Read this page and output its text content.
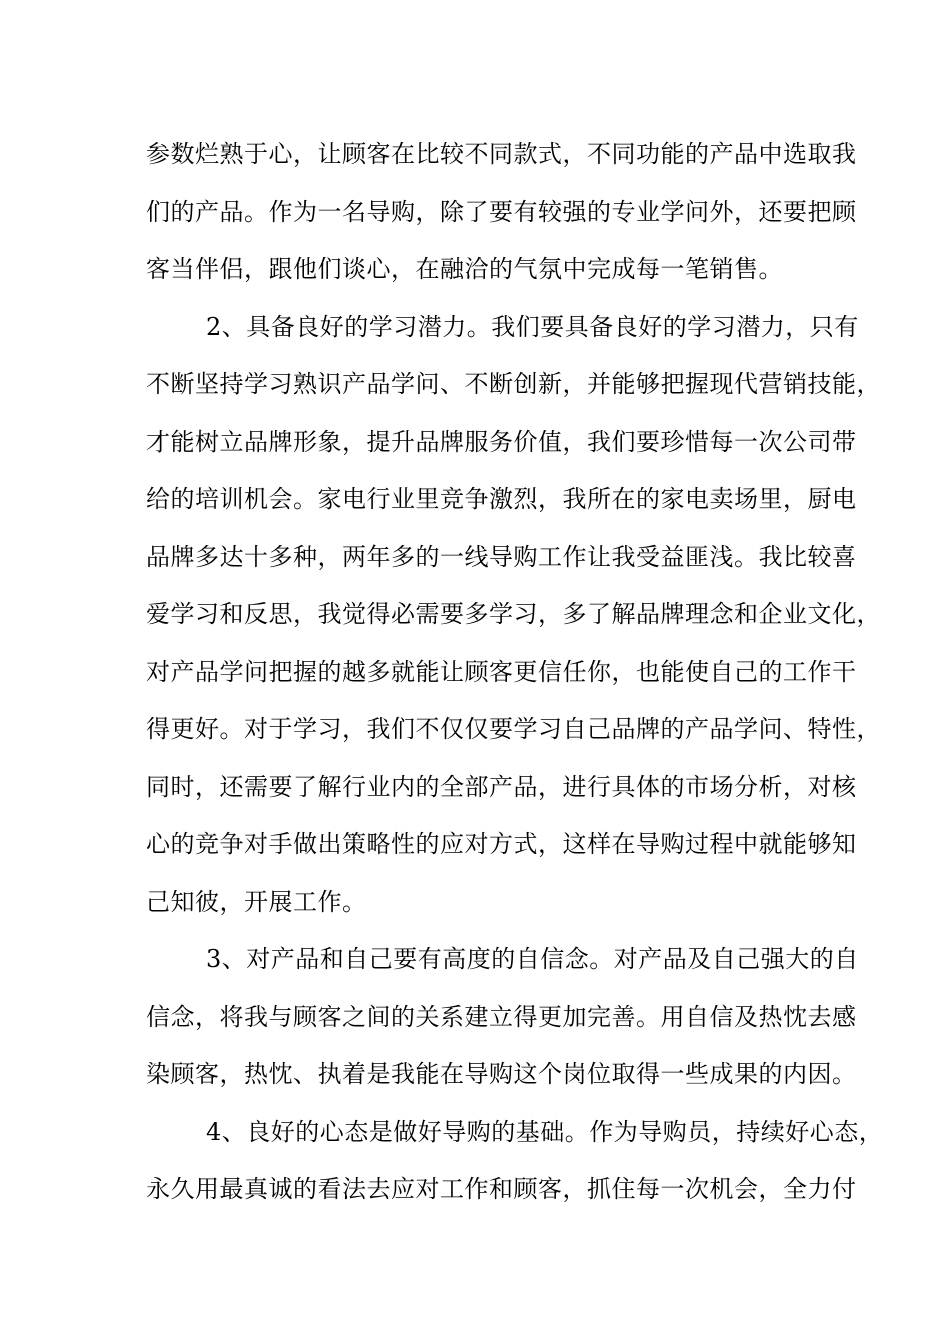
参数烂熟于心，让顾客在比较不同款式，不同功能的产品中选取我
们的产品。作为一名导购，除了要有较强的专业学问外，还要把顾
客当伴侣，跟他们谈心，在融洽的气氛中完成每一笔销售。
2、具备良好的学习潜力。我们要具备良好的学习潜力，只有
不断坚持学习熟识产品学问、不断创新，并能够把握现代营销技能，
才能树立品牌形象，提升品牌服务价值，我们要珍惜每一次公司带
给的培训机会。家电行业里竞争激烈，我所在的家电卖场里，厨电
品牌多达十多种，两年多的一线导购工作让我受益匪浅。我比较喜
爱学习和反思，我觉得必需要多学习，多了解品牌理念和企业文化，
对产品学问把握的越多就能让顾客更信任你，也能使自己的工作干
得更好。对于学习，我们不仅仅要学习自己品牌的产品学问、特性，
同时，还需要了解行业内的全部产品，进行具体的市场分析，对核
心的竞争对手做出策略性的应对方式，这样在导购过程中就能够知
己知彼，开展工作。
3、对产品和自己要有高度的自信念。对产品及自己强大的自
信念，将我与顾客之间的关系建立得更加完善。用自信及热忱去感
染顾客，热忱、执着是我能在导购这个岗位取得一些成果的内因。
4、良好的心态是做好导购的基础。作为导购员，持续好心态，
永久用最真诚的看法去应对工作和顾客，抓住每一次机会，全力付
